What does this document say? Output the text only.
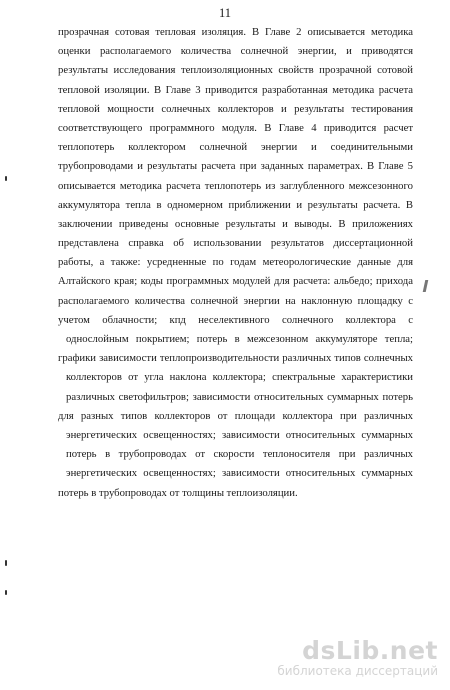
11
прозрачная сотовая тепловая изоляция. В Главе 2 описывается методика
оценки располагаемого количества солнечной энергии, и приводятся
результаты исследования теплоизоляционных свойств прозрачной сотовой
тепловой изоляции. В Главе 3 приводится разработанная методика расчета
тепловой мощности солнечных коллекторов и результаты тестирования
соответствующего программного модуля. В Главе 4 приводится расчет
теплопотерь коллектором солнечной энергии и соединительными
трубопроводами и результаты расчета при заданных параметрах. В Главе 5
описывается методика расчета теплопотерь из заглубленного межсезонного
аккумулятора тепла в одномерном приближении и результаты расчета. В
заключении приведены основные результаты и выводы. В приложениях
представлена справка об использовании результатов диссертационной
работы, а также: усредненные по годам метеорологические данные для
Алтайского края; коды программных модулей для расчета: альбедо; прихода
располагаемого количества солнечной энергии на наклонную площадку с
учетом облачности; кпд неселективного солнечного коллектора с
однослойным покрытием; потерь в межсезонном аккумуляторе тепла;
графики зависимости теплопроизводительности различных типов солнечных
коллекторов от угла наклона коллектора; спектральные характеристики
различных светофильтров; зависимости относительных суммарных потерь
для разных типов коллекторов от площади коллектора при различных
энергетических освещенностях; зависимости относительных суммарных
потерь в трубопроводах от скорости теплоносителя при различных
энергетических освещенностях; зависимости относительных суммарных
потерь в трубопроводах от толщины теплоизоляции.
dsLib.net
библиотека диссертаций
